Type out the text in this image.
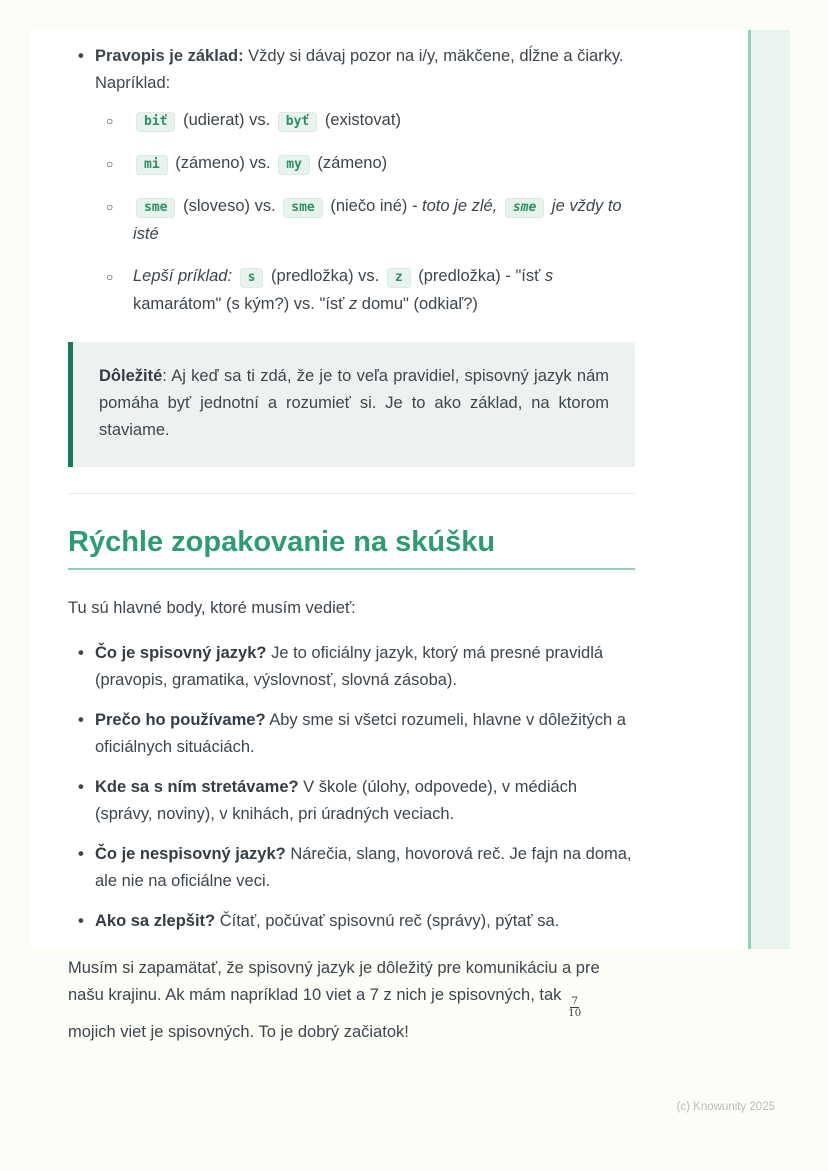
• Pravopis je základ: Vždy si dávaj pozor na i/y, mäkčene, dĺžne a čiarky.
Napríklad:
○ biť (udierat) vs. byť (existovat)
○ mi (zámeno) vs. my (zámeno)
○ sme (sloveso) vs. sme (niečo iné) - toto je zlé, sme je vždy to isté
○ Lepší príklad: s (predložka) vs. z (predložka) - "ísť s kamarátom" (s kým?) vs. "ísť z domu" (odkiaľ?)
Dôležité: Aj keď sa ti zdá, že je to veľa pravidiel, spisovný jazyk nám pomáha byť jednotní a rozumieť si. Je to ako základ, na ktorom staviame.
Rýchle zopakovanie na skúšku

Tu sú hlavné body, ktoré musím vedieť:

• Čo je spisovný jazyk? Je to oficiálny jazyk, ktorý má presné pravidlá (pravopis, gramatika, výslovnosť, slovná zásoba).
• Prečo ho používame? Aby sme si všetci rozumeli, hlavne v dôležitých a oficiálnych situáciách.
• Kde sa s ním stretávame? V škole (úlohy, odpovede), v médiách (správy, noviny), v knihách, pri úradných veciach.
• Čo je nespisovný jazyk? Nárečia, slang, hovorová reč. Je fajn na doma, ale nie na oficiálne veci.
• Ako sa zlepšit? Čítať, počúvať spisovnú reč (správy), pýtať sa.

Musím si zapamätať, že spisovný jazyk je dôležitý pre komunikáciu a pre našu krajinu. Ak mám napríklad 10 viet a 7 z nich je spisovných, tak
$\frac{7}{10}$
mojich viet je spisovných. To je dobrý začiatok!

(c) Knowunity 2025
